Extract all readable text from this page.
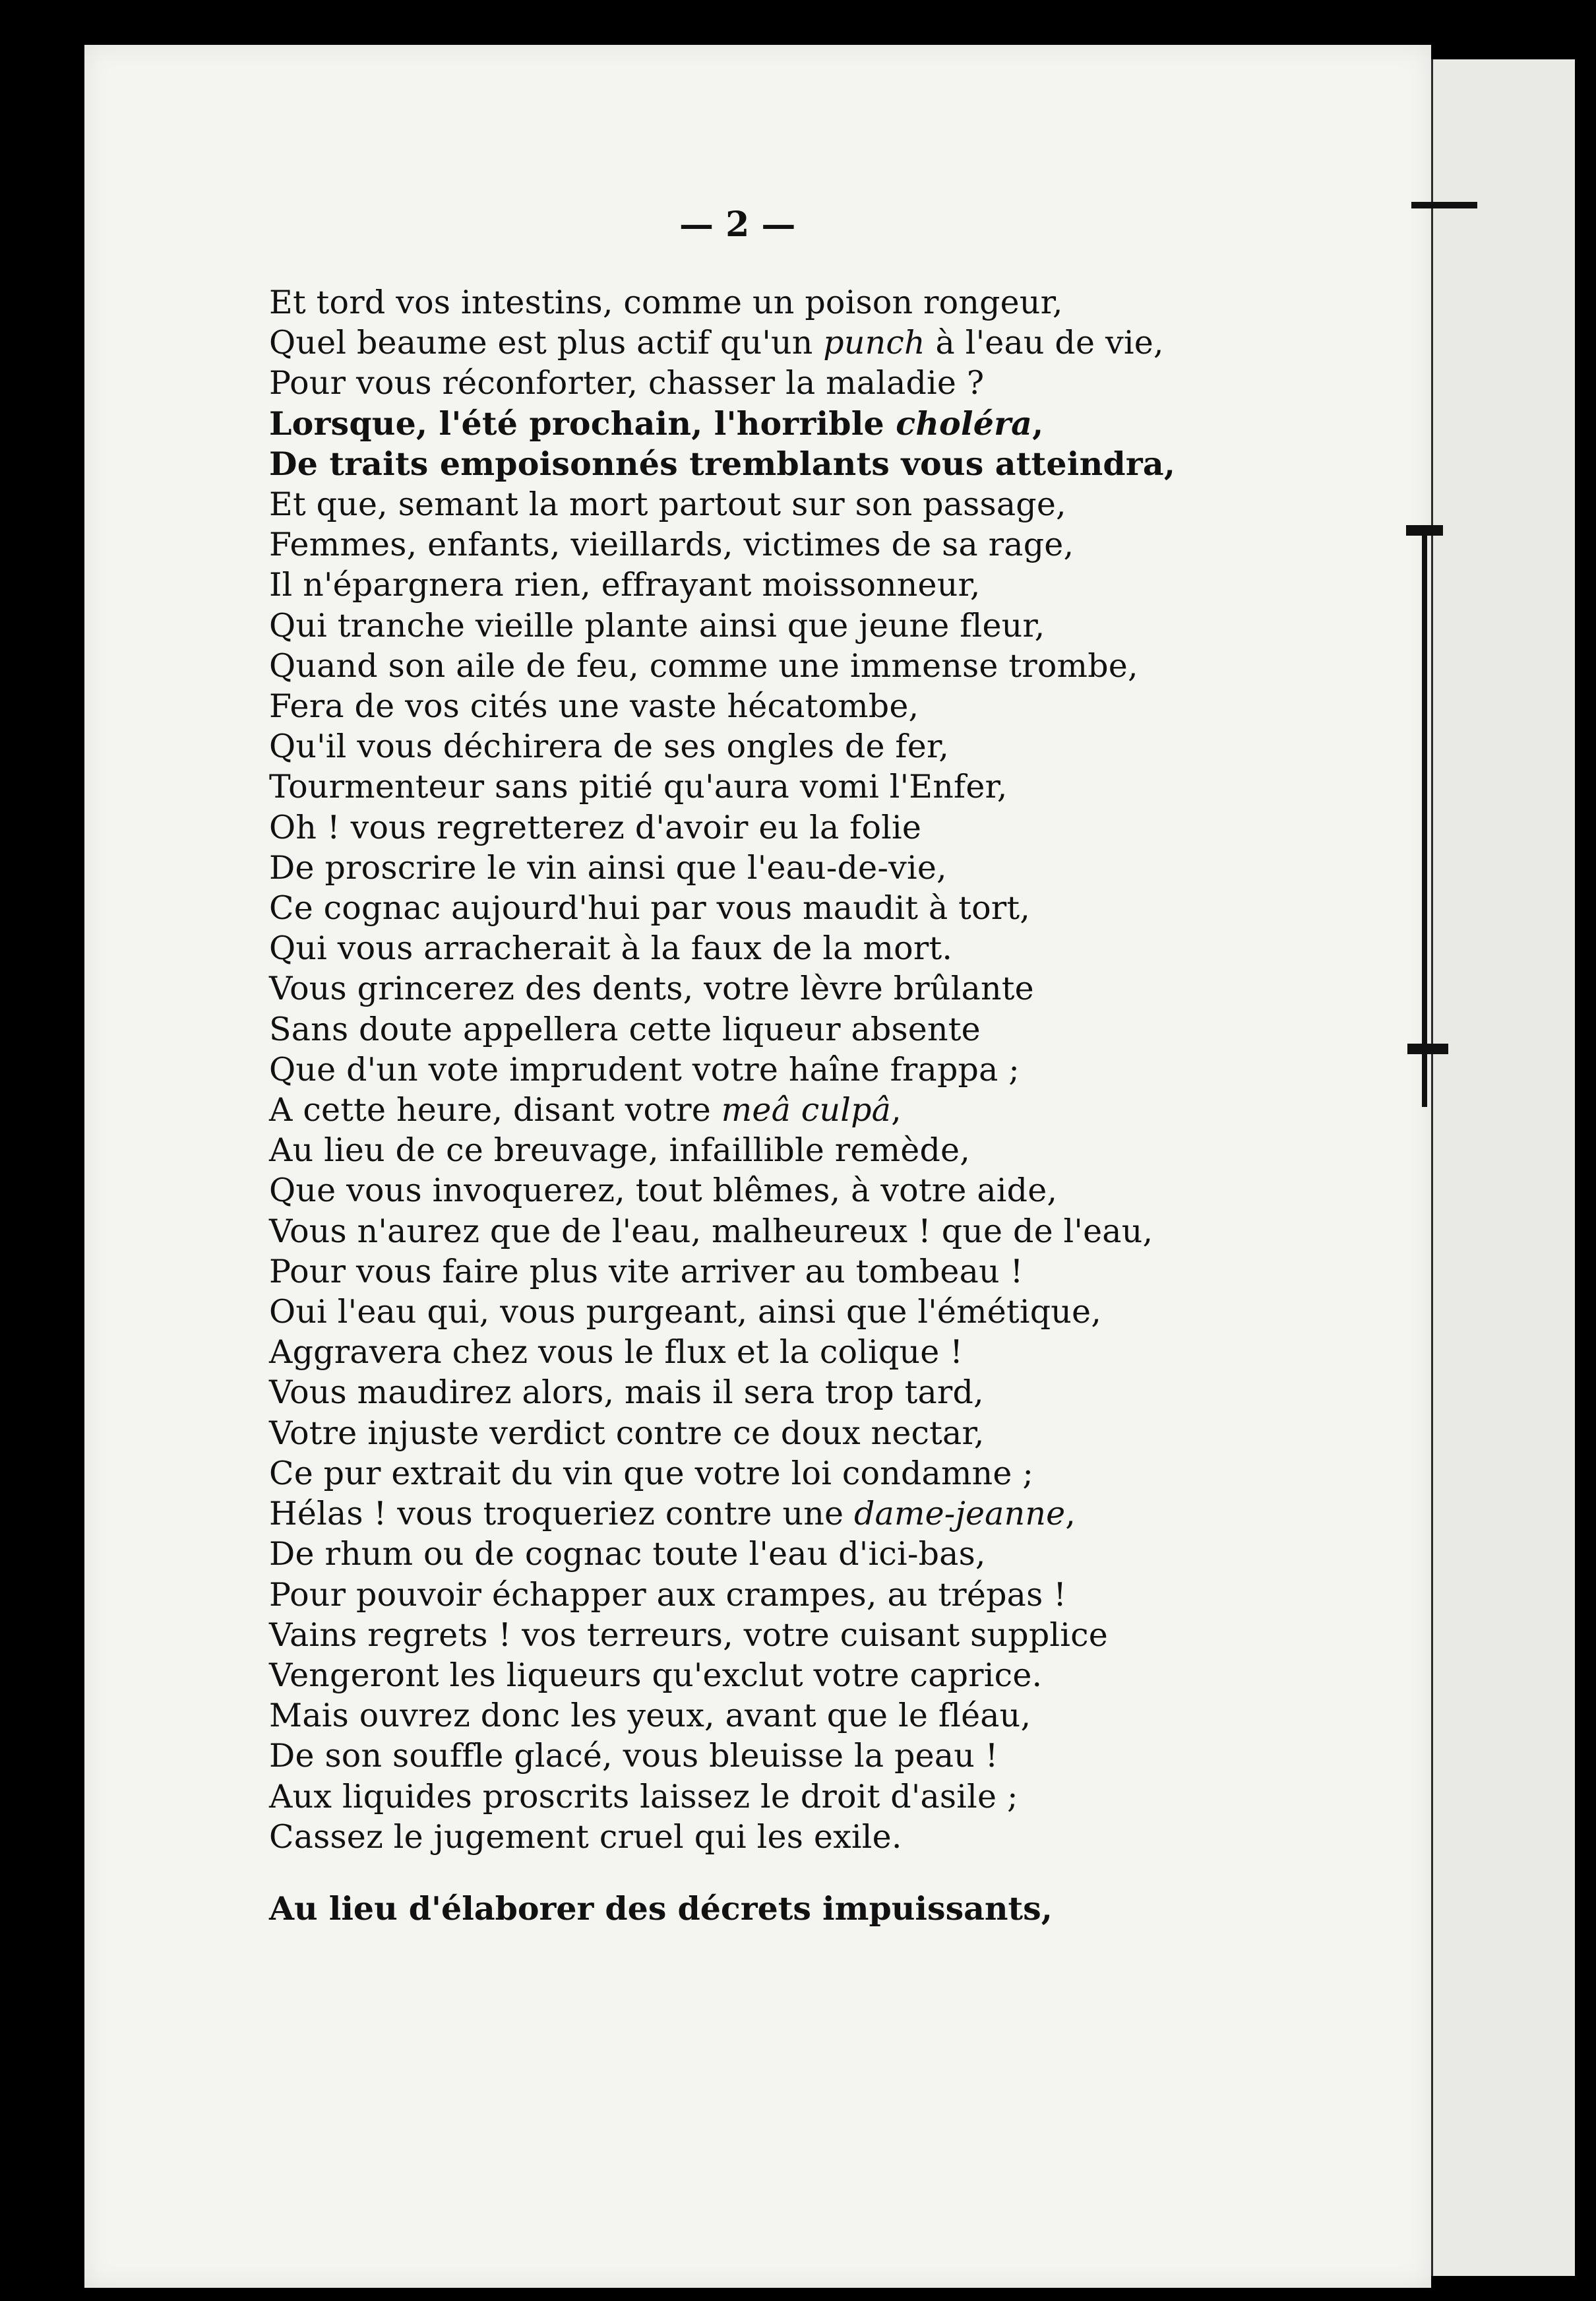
— 2 —
Et tord vos intestins, comme un poison rongeur,
Quel beaume est plus actif qu'un punch à l'eau de vie,
Pour vous réconforter, chasser la maladie ?
Lorsque, l'été prochain, l'horrible choléra,
De traits empoisonnés tremblants vous atteindra,
Et que, semant la mort partout sur son passage,
Femmes, enfants, vieillards, victimes de sa rage,
Il n'épargnera rien, effrayant moissonneur,
Qui tranche vieille plante ainsi que jeune fleur,
Quand son aile de feu, comme une immense trombe,
Fera de vos cités une vaste hécatombe,
Qu'il vous déchirera de ses ongles de fer,
Tourmenteur sans pitié qu'aura vomi l'Enfer,
Oh ! vous regretterez d'avoir eu la folie
De proscrire le vin ainsi que l'eau-de-vie,
Ce cognac aujourd'hui par vous maudit à tort,
Qui vous arracherait à la faux de la mort.
Vous grincerez des dents, votre lèvre brûlante
Sans doute appellera cette liqueur absente
Que d'un vote imprudent votre haîne frappa ;
A cette heure, disant votre meâ culpâ,
Au lieu de ce breuvage, infaillible remède,
Que vous invoquerez, tout blêmes, à votre aide,
Vous n'aurez que de l'eau, malheureux ! que de l'eau,
Pour vous faire plus vite arriver au tombeau !
Oui l'eau qui, vous purgeant, ainsi que l'émétique,
Aggravera chez vous le flux et la colique !
Vous maudirez alors, mais il sera trop tard,
Votre injuste verdict contre ce doux nectar,
Ce pur extrait du vin que votre loi condamne ;
Hélas ! vous troqueriez contre une dame-jeanne,
De rhum ou de cognac toute l'eau d'ici-bas,
Pour pouvoir échapper aux crampes, au trépas !
Vains regrets ! vos terreurs, votre cuisant supplice
Vengeront les liqueurs qu'exclut votre caprice.
Mais ouvrez donc les yeux, avant que le fléau,
De son souffle glacé, vous bleuisse la peau !
Aux liquides proscrits laissez le droit d'asile ;
Cassez le jugement cruel qui les exile.
Au lieu d'élaborer des décrets impuissants,
